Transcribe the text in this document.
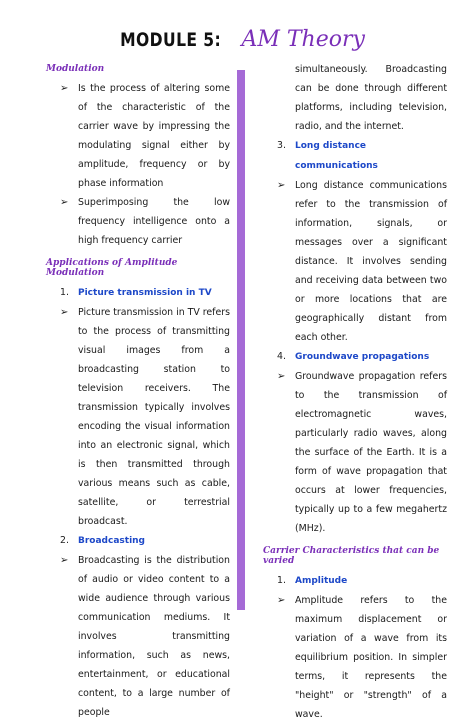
MODULE 5: AM Theory
Modulation
➢ Is the process of altering some of the characteristic of the carrier wave by impressing the modulating signal either by amplitude, frequency or by phase information
➢ Superimposing the low frequency intelligence onto a high frequency carrier
Applications of Amplitude Modulation
1. Picture transmission in TV
➢ Picture transmission in TV refers to the process of transmitting visual images from a broadcasting station to television receivers. The transmission typically involves encoding the visual information into an electronic signal, which is then transmitted through various means such as cable, satellite, or terrestrial broadcast.
2. Broadcasting
➢ Broadcasting is the distribution of audio or video content to a wide audience through various communication mediums. It involves transmitting information, such as news, entertainment, or educational content, to a large number of people
simultaneously. Broadcasting can be done through different platforms, including television, radio, and the internet.
3. Long distance communications
➢ Long distance communications refer to the transmission of information, signals, or messages over a significant distance. It involves sending and receiving data between two or more locations that are geographically distant from each other.
4. Groundwave propagations
➢ Groundwave propagation refers to the transmission of electromagnetic waves, particularly radio waves, along the surface of the Earth. It is a form of wave propagation that occurs at lower frequencies, typically up to a few megahertz (MHz).
Carrier Characteristics that can be varied
1. Amplitude
➢ Amplitude refers to the maximum displacement or variation of a wave from its equilibrium position. In simpler terms, it represents the "height" or "strength" of a wave.
